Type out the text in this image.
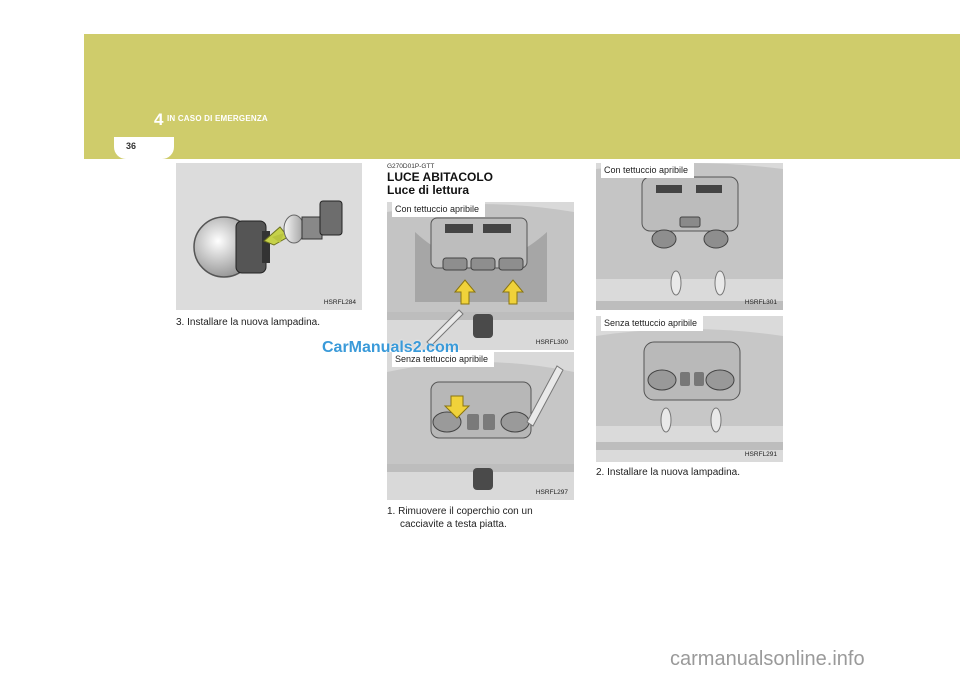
4 IN CASO DI EMERGENZA
36
HSRFL284
3. Installare la nuova lampadina.
G270D01P-GTT
LUCE ABITACOLO
Luce di lettura
Con tettuccio apribile
HSRFL300
Senza tettuccio apribile
HSRFL297
1. Rimuovere il coperchio con un
cacciavite a testa piatta.
Con tettuccio apribile
HSRFL301
Senza tettuccio apribile
HSRFL291
2. Installare la nuova lampadina.
CarManuals2.com
carmanualsonline.info
